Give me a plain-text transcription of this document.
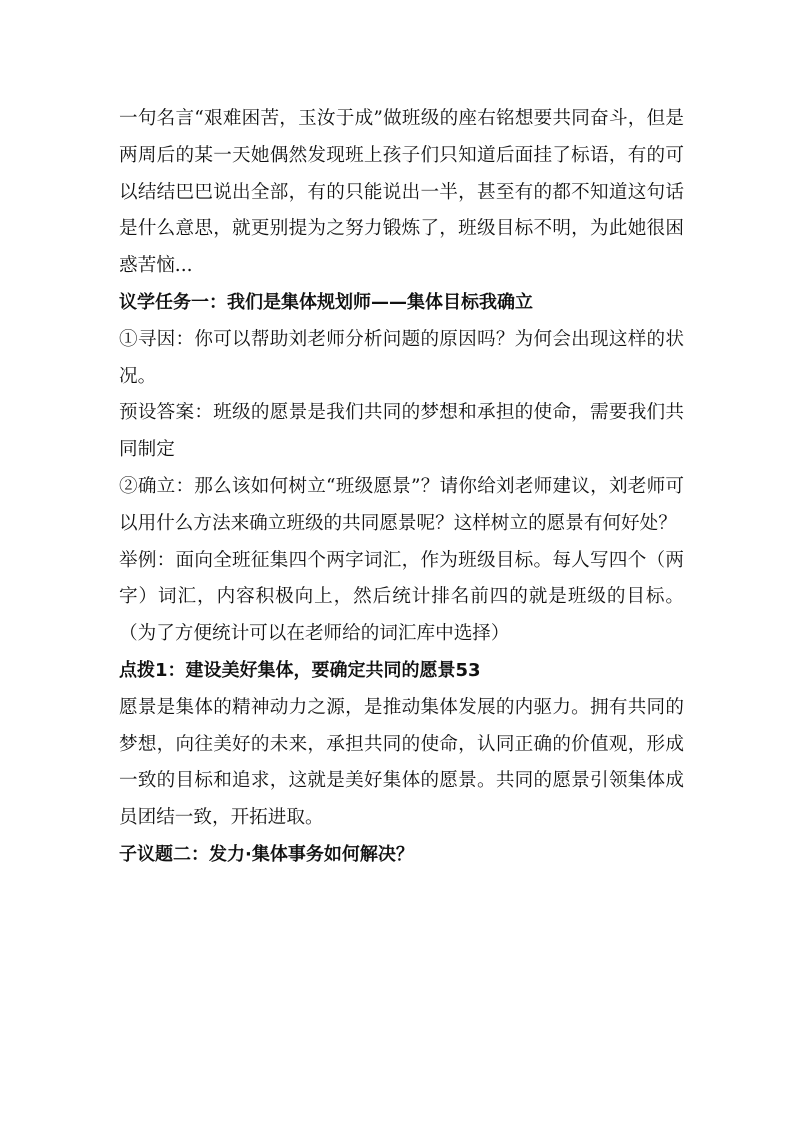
一句名言“艰难困苦，玉汝于成”做班级的座右铭想要共同奋斗，但是两周后的某一天她偶然发现班上孩子们只知道后面挂了标语，有的可以结结巴巴说出全部，有的只能说出一半，甚至有的都不知道这句话是什么意思，就更别提为之努力锻炼了，班级目标不明，为此她很困惑苦恼...

议学任务一：我们是集体规划师——集体目标我确立

①寻因：你可以帮助刘老师分析问题的原因吗？为何会出现这样的状况。

预设答案：班级的愿景是我们共同的梦想和承担的使命，需要我们共同制定

②确立：那么该如何树立“班级愿景”？请你给刘老师建议，刘老师可以用什么方法来确立班级的共同愿景呢？这样树立的愿景有何好处？

举例：面向全班征集四个两字词汇，作为班级目标。每人写四个（两字）词汇，内容积极向上，然后统计排名前四的就是班级的目标。（为了方便统计可以在老师给的词汇库中选择）

点拨1：建设美好集体，要确定共同的愿景53

愿景是集体的精神动力之源，是推动集体发展的内驱力。拥有共同的梦想，向往美好的未来，承担共同的使命，认同正确的价值观，形成一致的目标和追求，这就是美好集体的愿景。共同的愿景引领集体成员团结一致，开拓进取。

子议题二：发力·集体事务如何解决？
